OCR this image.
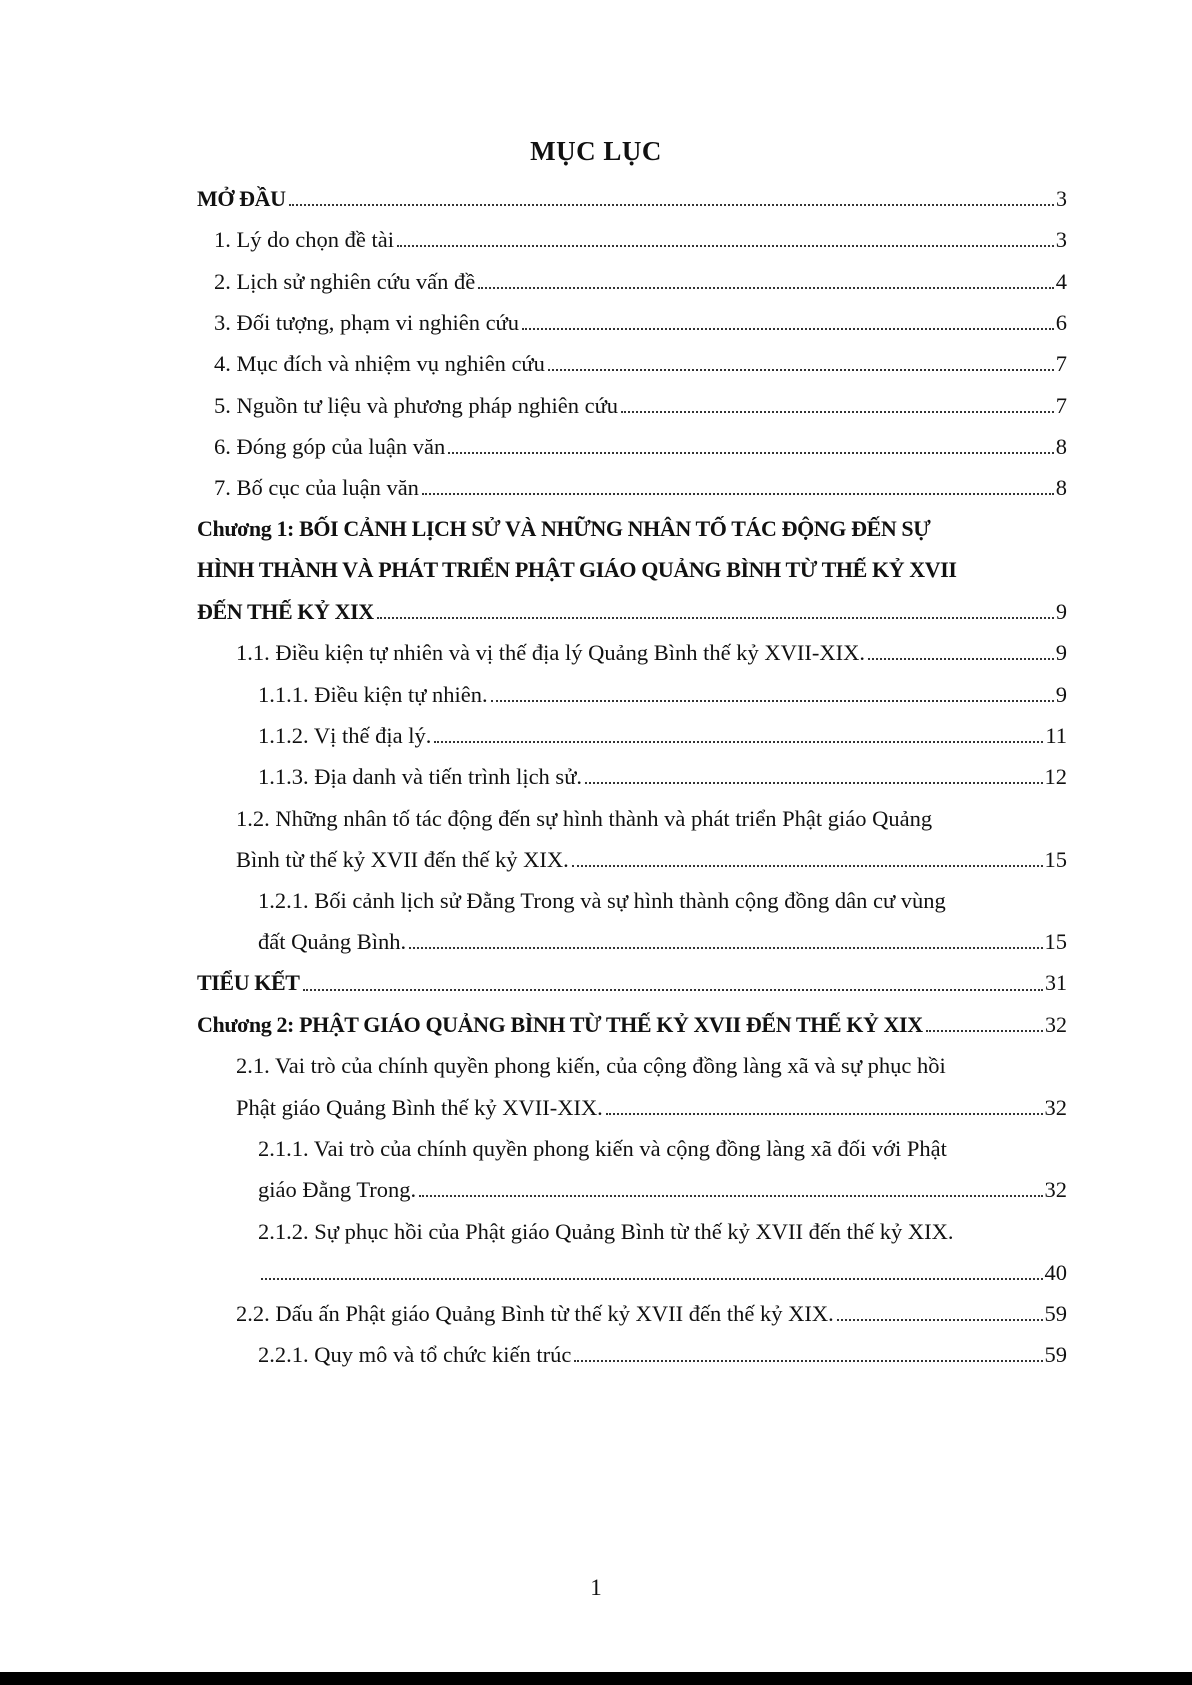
MỤC LỤC
MỞ ĐẦU	3
1. Lý do chọn đề tài	3
2. Lịch sử nghiên cứu vấn đề	4
3. Đối tượng, phạm vi nghiên cứu	6
4. Mục đích và nhiệm vụ nghiên cứu	7
5. Nguồn tư liệu và phương pháp nghiên cứu	7
6. Đóng góp của luận văn	8
7. Bố cục của luận văn	8
Chương 1: BỐI CẢNH LỊCH SỬ VÀ NHỮNG NHÂN TỐ TÁC ĐỘNG ĐẾN SỰ
HÌNH THÀNH VÀ PHÁT TRIỂN PHẬT GIÁO QUẢNG BÌNH TỪ THẾ KỶ XVII
ĐẾN THẾ KỶ XIX	9
1.1. Điều kiện tự nhiên và vị thế địa lý Quảng Bình thế kỷ XVII-XIX.	9
1.1.1. Điều kiện tự nhiên.	9
1.1.2. Vị thế địa lý.	11
1.1.3. Địa danh và tiến trình lịch sử.	12
1.2. Những nhân tố tác động đến sự hình thành và phát triển Phật giáo Quảng
Bình từ thế kỷ XVII đến thế kỷ XIX.	15
1.2.1. Bối cảnh lịch sử Đằng Trong và sự hình thành cộng đồng dân cư vùng
đất Quảng Bình.	15
TIỂU KẾT	31
Chương 2: PHẬT GIÁO QUẢNG BÌNH TỪ THẾ KỶ XVII ĐẾN THẾ KỶ XIX	32
2.1. Vai trò của chính quyền phong kiến, của cộng đồng làng xã và sự phục hồi
Phật giáo Quảng Bình thế kỷ XVII-XIX.	32
2.1.1. Vai trò của chính quyền phong kiến và cộng đồng làng xã đối với Phật
giáo Đằng Trong.	32
2.1.2. Sự phục hồi của Phật giáo Quảng Bình từ thế kỷ XVII đến thế kỷ XIX.
40
2.2. Dấu ấn Phật giáo Quảng Bình từ thế kỷ XVII đến thế kỷ XIX.	59
2.2.1. Quy mô và tổ chức kiến trúc	59
1
